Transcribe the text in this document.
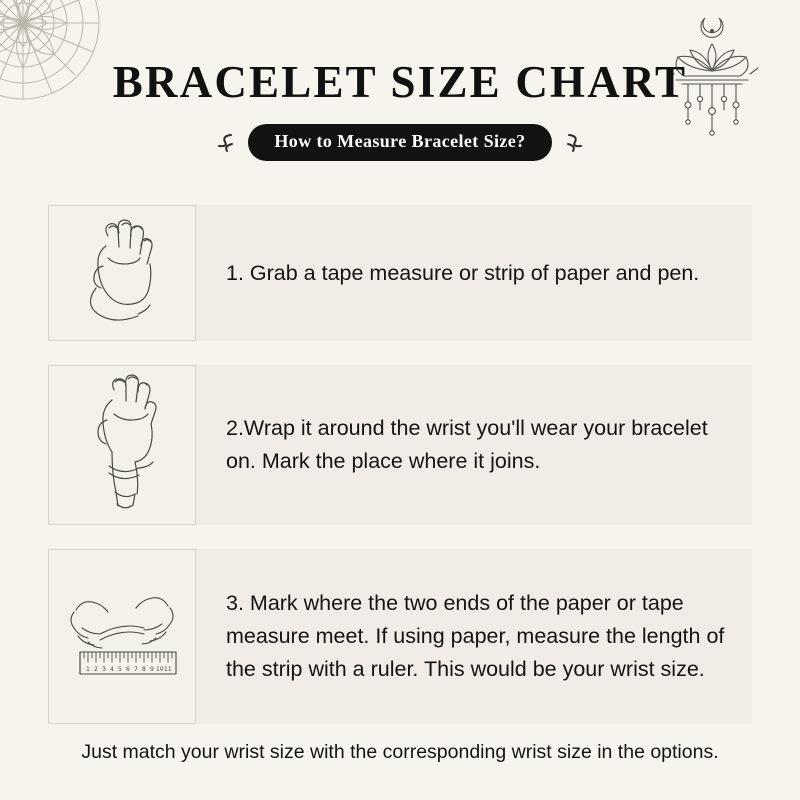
BRACELET SIZE CHART
How to Measure Bracelet Size?
1. Grab a tape measure or strip of paper and pen.
2.Wrap it around the wrist you'll wear your bracelet on. Mark the place where it joins.
1 2 3 4 5 6 7 8 9 10 11
3. Mark where the two ends of the paper or tape measure meet. If using paper, measure the length of the strip with a ruler. This would be your wrist size.
Just match your wrist size with the corresponding wrist size in the options.
